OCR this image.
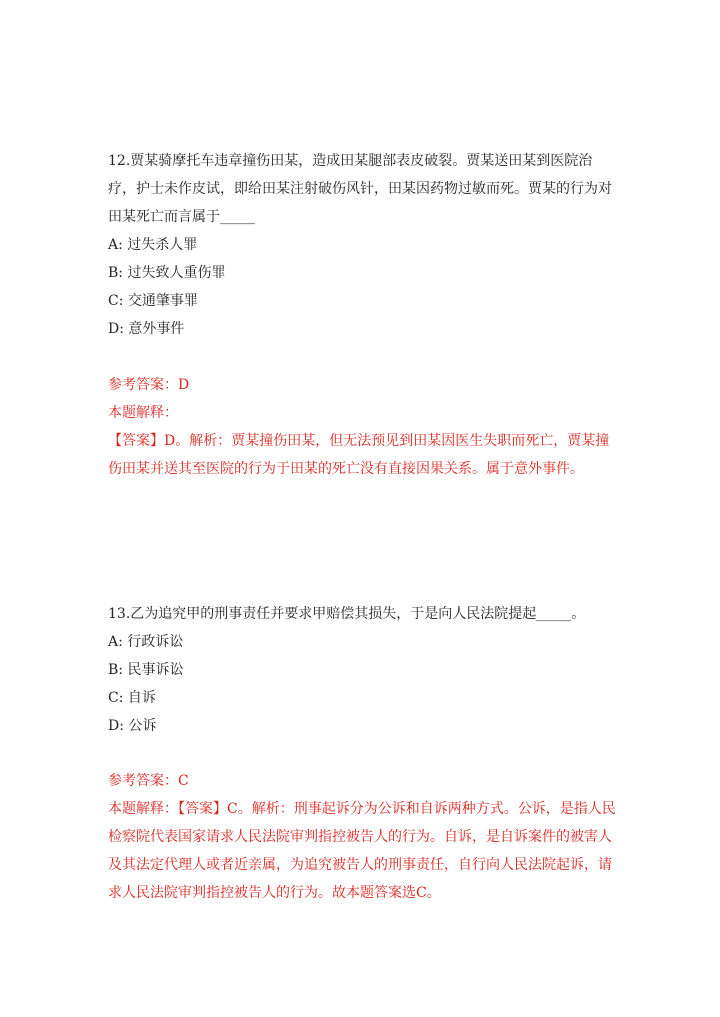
12.贾某骑摩托车违章撞伤田某，造成田某腿部表皮破裂。贾某送田某到医院治疗，护士未作皮试，即给田某注射破伤风针，田某因药物过敏而死。贾某的行为对田某死亡而言属于_____

A: 过失杀人罪
B: 过失致人重伤罪
C: 交通肇事罪
D: 意外事件

参考答案：D

本题解释：

【答案】D。解析：贾某撞伤田某，但无法预见到田某因医生失职而死亡，贾某撞伤田某并送其至医院的行为于田某的死亡没有直接因果关系。属于意外事件。

13.乙为追究甲的刑事责任并要求甲赔偿其损失，于是向人民法院提起_____。

A: 行政诉讼
B: 民事诉讼
C: 自诉
D: 公诉

参考答案：C

本题解释：【答案】C。解析：刑事起诉分为公诉和自诉两种方式。公诉，是指人民检察院代表国家请求人民法院审判指控被告人的行为。自诉，是自诉案件的被害人及其法定代理人或者近亲属，为追究被告人的刑事责任，自行向人民法院起诉，请求人民法院审判指控被告人的行为。故本题答案选C。
